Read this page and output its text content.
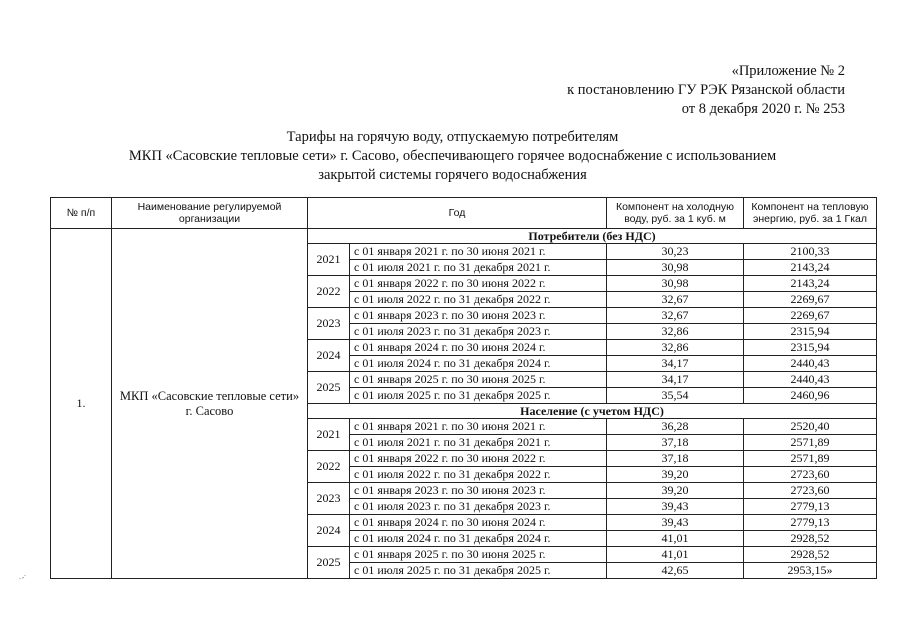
«Приложение № 2
к постановлению ГУ РЭК Рязанской области
от 8 декабря 2020 г. № 253
Тарифы на горячую воду, отпускаемую потребителям
МКП «Сасовские тепловые сети» г. Сасово, обеспечивающего горячее водоснабжение с использованием
закрытой системы горячего водоснабжения
№ п/п	Наименование регулируемой организации	Год		Компонент на холодную воду, руб. за 1 куб. м	Компонент на тепловую энергию, руб. за 1 Гкал
1.	МКП «Сасовские тепловые сети» г. Сасово	Потребители (без НДС)			
		2021	с 01 января 2021 г. по 30 июня 2021 г.	30,23	2100,33
			с 01 июля 2021 г. по 31 декабря 2021 г.	30,98	2143,24
		2022	с 01 января 2022 г. по 30 июня 2022 г.	30,98	2143,24
			с 01 июля 2022 г. по 31 декабря 2022 г.	32,67	2269,67
		2023	с 01 января 2023 г. по 30 июня 2023 г.	32,67	2269,67
			с 01 июля 2023 г. по 31 декабря 2023 г.	32,86	2315,94
		2024	с 01 января 2024 г. по 30 июня 2024 г.	32,86	2315,94
			с 01 июля 2024 г. по 31 декабря 2024 г.	34,17	2440,43
		2025	с 01 января 2025 г. по 30 июня 2025 г.	34,17	2440,43
			с 01 июля 2025 г. по 31 декабря 2025 г.	35,54	2460,96
		Население (с учетом НДС)			
		2021	с 01 января 2021 г. по 30 июня 2021 г.	36,28	2520,40
			с 01 июля 2021 г. по 31 декабря 2021 г.	37,18	2571,89
		2022	с 01 января 2022 г. по 30 июня 2022 г.	37,18	2571,89
			с 01 июля 2022 г. по 31 декабря 2022 г.	39,20	2723,60
		2023	с 01 января 2023 г. по 30 июня 2023 г.	39,20	2723,60
			с 01 июля 2023 г. по 31 декабря 2023 г.	39,43	2779,13
		2024	с 01 января 2024 г. по 30 июня 2024 г.	39,43	2779,13
			с 01 июля 2024 г. по 31 декабря 2024 г.	41,01	2928,52
		2025	с 01 января 2025 г. по 30 июня 2025 г.	41,01	2928,52
			с 01 июля 2025 г. по 31 декабря 2025 г.	42,65	2953,15»
·‐·
